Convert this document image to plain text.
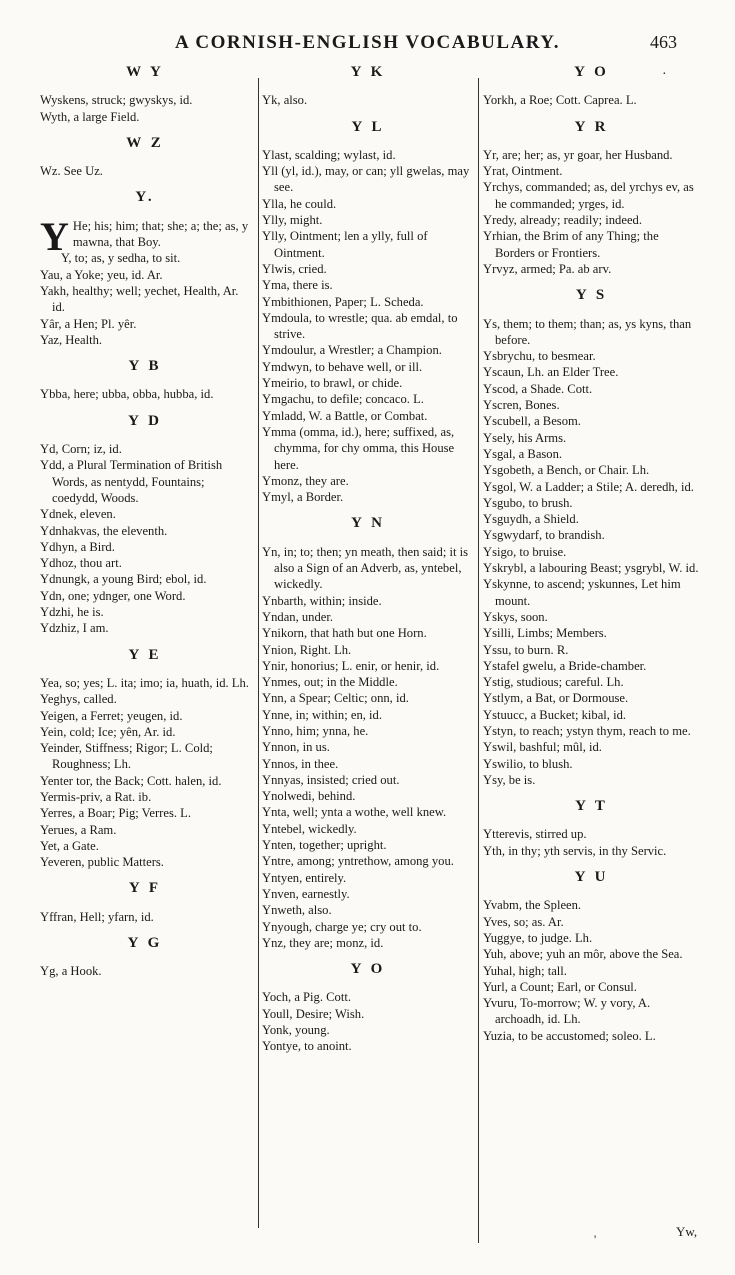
A CORNISH-ENGLISH VOCABULARY.	463
·
W Y

Wyskens, struck; gwyskys, id.

Wyth, a large Field.

W Z

Wz. See Uz.

Y.

Y He; his; him; that; she; a; the; as, y mawna, that Boy.

Y, to; as, y sedha, to sit.

Yau, a Yoke; yeu, id. Ar.

Yakh, healthy; well; yechet, Health, Ar. id.

Yâr, a Hen; Pl. yêr.

Yaz, Health.

Y B

Ybba, here; ubba, obba, hubba, id.

Y D

Yd, Corn; iz, id.

Ydd, a Plural Termination of British Words, as nentydd, Fountains; coedydd, Woods.

Ydnek, eleven.

Ydnhakvas, the eleventh.

Ydhyn, a Bird.

Ydhoz, thou art.

Ydnungk, a young Bird; ebol, id.

Ydn, one; ydnger, one Word.

Ydzhi, he is.

Ydzhiz, I am.

Y E

Yea, so; yes; L. ita; imo; ia, huath, id. Lh.

Yeghys, called.

Yeigen, a Ferret; yeugen, id.

Yein, cold; Ice; yên, Ar. id.

Yeinder, Stiffness; Rigor; L. Cold; Roughness; Lh.

Yenter tor, the Back; Cott. halen, id.

Yermis-priv, a Rat. ib.

Yerres, a Boar; Pig; Verres. L.

Yerues, a Ram.

Yet, a Gate.

Yeveren, public Matters.

Y F

Yffran, Hell; yfarn, id.

Y G

Yg, a Hook.

Y K

Yk, also.

Y L

Ylast, scalding; wylast, id.

Yll (yl, id.), may, or can; yll gwelas, may see.

Ylla, he could.

Ylly, might.

Ylly, Ointment; len a ylly, full of Ointment.

Ylwis, cried.

Yma, there is.

Ymbithionen, Paper; L. Scheda.

Ymdoula, to wrestle; qua. ab emdal, to strive.

Ymdoulur, a Wrestler; a Champion.

Ymdwyn, to behave well, or ill.

Ymeirio, to brawl, or chide.

Ymgachu, to defile; concaco. L.

Ymladd, W. a Battle, or Combat.

Ymma (omma, id.), here; suffixed, as, chymma, for chy omma, this House here.

Ymonz, they are.

Ymyl, a Border.

Y N

Yn, in; to; then; yn meath, then said; it is also a Sign of an Adverb, as, yntebel, wickedly.

Ynbarth, within; inside.

Yndan, under.

Ynikorn, that hath but one Horn.

Ynion, Right. Lh.

Ynir, honorius; L. enir, or henir, id.

Ynmes, out; in the Middle.

Ynn, a Spear; Celtic; onn, id.

Ynne, in; within; en, id.

Ynno, him; ynna, he.

Ynnon, in us.

Ynnos, in thee.

Ynnyas, insisted; cried out.

Ynolwedi, behind.

Ynta, well; ynta a wothe, well knew.

Yntebel, wickedly.

Ynten, together; upright.

Yntre, among; yntrethow, among you.

Yntyen, entirely.

Ynven, earnestly.

Ynweth, also.

Ynyough, charge ye; cry out to.

Ynz, they are; monz, id.

Y O

Yoch, a Pig. Cott.

Youll, Desire; Wish.

Yonk, young.

Yontye, to anoint.

Y O

Yorkh, a Roe; Cott. Caprea. L.

Y R

Yr, are; her; as, yr goar, her Husband.

Yrat, Ointment.

Yrchys, commanded; as, del yrchys ev, as he commanded; yrges, id.

Yredy, already; readily; indeed.

Yrhian, the Brim of any Thing; the Borders or Frontiers.

Yrvyz, armed; Pa. ab arv.

Y S

Ys, them; to them; than; as, ys kyns, than before.

Ysbrychu, to besmear.

Yscaun, Lh. an Elder Tree.

Yscod, a Shade. Cott.

Yscren, Bones.

Yscubell, a Besom.

Ysely, his Arms.

Ysgal, a Bason.

Ysgobeth, a Bench, or Chair. Lh.

Ysgol, W. a Ladder; a Stile; A. deredh, id.

Ysgubo, to brush.

Ysguydh, a Shield.

Ysgwydarf, to brandish.

Ysigo, to bruise.

Yskrybl, a labouring Beast; ysgrybl, W. id.

Yskynne, to ascend; yskunnes, Let him mount.

Yskys, soon.

Ysilli, Limbs; Members.

Yssu, to burn. R.

Ystafel gwelu, a Bride-chamber.

Ystig, studious; careful. Lh.

Ystlym, a Bat, or Dormouse.

Ystuucc, a Bucket; kibal, id.

Ystyn, to reach; ystyn thym, reach to me.

Yswil, bashful; mûl, id.

Yswilio, to blush.

Ysy, be is.

Y T

Ytterevis, stirred up.

Yth, in thy; yth servis, in thy Servic.

Y U

Yvabm, the Spleen.

Yves, so; as. Ar.

Yuggye, to judge. Lh.

Yuh, above; yuh an môr, above the Sea.

Yuhal, high; tall.

Yurl, a Count; Earl, or Consul.

Yvuru, To-morrow; W. y vory, A. archoadh, id. Lh.

Yuzia, to be accustomed; soleo. L.

'	Yw,
